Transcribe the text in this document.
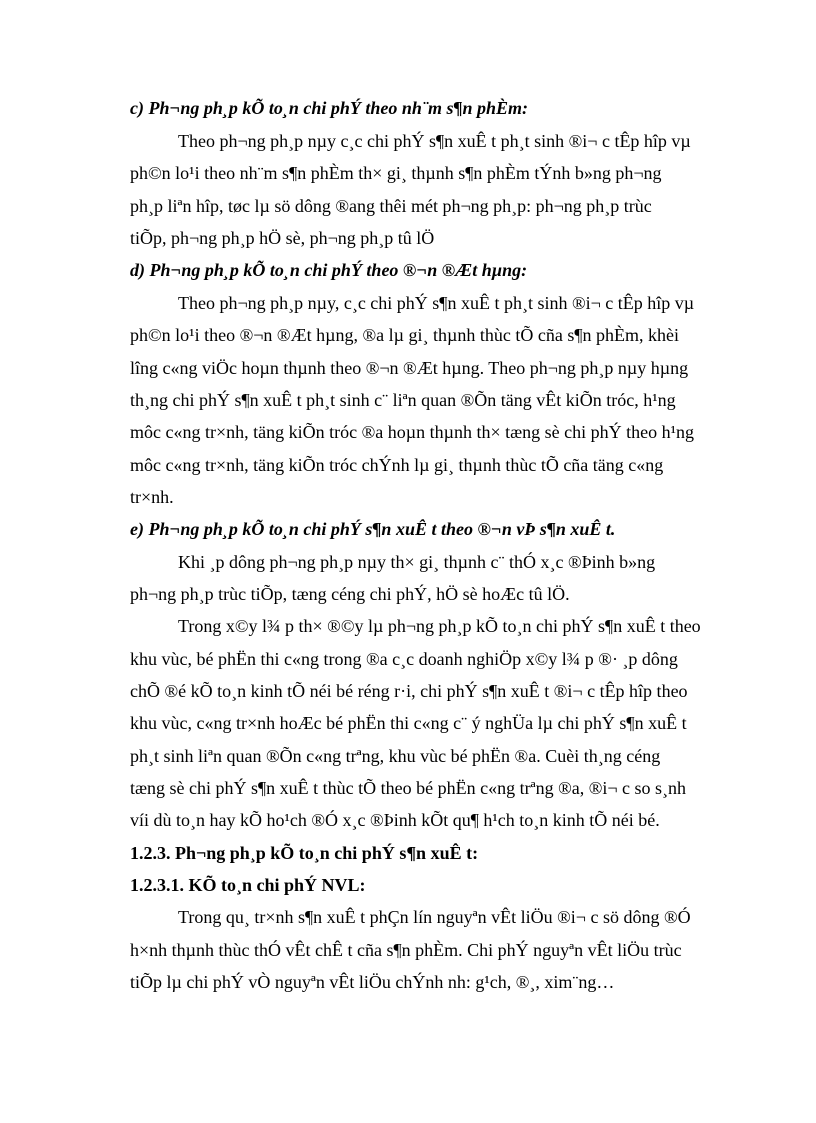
c) Ph¬ng ph¸p kÕ to¸n chi phÝ theo nh¨m s¶n phÈm:
Theo ph¬ng ph¸p nµy c¸c chi phÝ s¶n xuÊ t ph¸t sinh ®i¬ c tÊp hîp vµ
ph©n lo¹i theo nh¨m s¶n phÈm th× gi¸ thµnh s¶n phÈm tÝnh b»ng ph¬ng
ph¸p liªn hîp, tøc lµ sö dông ®ang thêi mét ph¬ng ph¸p: ph¬ng ph¸p trùc
tiÕp, ph¬ng ph¸p hÖ sè, ph¬ng ph¸p tû lÖ
d) Ph¬ng ph¸p kÕ to¸n chi phÝ theo ®¬n ®Æt hµng:
Theo ph¬ng ph¸p nµy, c¸c chi phÝ s¶n xuÊ t ph¸t sinh ®i¬ c tÊp hîp vµ
ph©n lo¹i theo ®¬n ®Æt hµng, ®a lµ gi¸ thµnh thùc tÕ cña s¶n phÈm, khèi
lîng c«ng viÖc hoµn thµnh theo ®¬n ®Æt hµng. Theo ph¬ng ph¸p nµy hµng
th¸ng chi phÝ s¶n xuÊ t ph¸t sinh c¨ liªn quan ®Õn täng vÊt kiÕn tróc, h¹ng
môc c«ng tr×nh, täng kiÕn tróc ®a hoµn thµnh th× tæng sè chi phÝ theo h¹ng
môc c«ng tr×nh, täng kiÕn tróc chÝnh lµ gi¸ thµnh thùc tÕ cña täng c«ng
tr×nh.
e) Ph¬ng ph¸p kÕ to¸n chi phÝ s¶n xuÊ t theo ®¬n vÞ s¶n xuÊ t.
Khi ¸p dông ph¬ng ph¸p nµy th× gi¸ thµnh c¨ thÓ x¸c ®Þinh b»ng
ph¬ng ph¸p trùc tiÕp, tæng céng chi phÝ, hÖ sè hoÆc tû lÖ.
Trong x©y l¾ p th× ®©y lµ ph¬ng ph¸p kÕ to¸n chi phÝ s¶n xuÊ t theo
khu vùc, bé phËn thi c«ng trong ®a c¸c doanh nghiÖp x©y l¾ p ®· ¸p dông
chÕ ®é kÕ to¸n kinh tÕ néi bé réng r·i, chi phÝ s¶n xuÊ t ®i¬ c tÊp hîp theo
khu vùc, c«ng tr×nh hoÆc bé phËn thi c«ng c¨ ý nghÜa lµ chi phÝ s¶n xuÊ t
ph¸t sinh liªn quan ®Õn c«ng trªng, khu vùc bé phËn ®a. Cuèi th¸ng céng
tæng sè chi phÝ s¶n xuÊ t thùc tÕ theo bé phËn c«ng trªng ®a, ®i¬ c so s¸nh
víi dù to¸n hay kÕ ho¹ch ®Ó x¸c ®Þinh kÕt qu¶ h¹ch to¸n kinh tÕ néi bé.
1.2.3. Ph¬ng ph¸p kÕ to¸n chi phÝ s¶n xuÊ t:
1.2.3.1. KÕ to¸n chi phÝ NVL:
Trong qu¸ tr×nh s¶n xuÊ t phÇn lín nguyªn vÊt liÖu ®i¬ c sö dông ®Ó
h×nh thµnh thùc thÓ vÊt chÊ t cña s¶n phÈm. Chi phÝ nguyªn vÊt liÖu trùc
tiÕp lµ chi phÝ vÒ nguyªn vÊt liÖu chÝnh nh: g¹ch, ®¸, xim¨ng…
